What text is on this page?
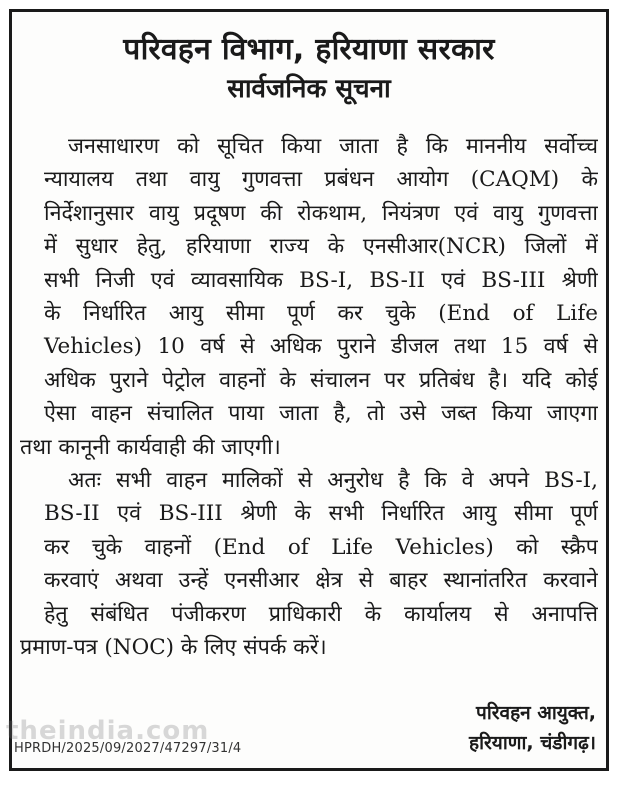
परिवहन विभाग, हरियाणा सरकार
सार्वजनिक सूचना
जनसाधारण को सूचित किया जाता है कि माननीय सर्वोच्च
न्यायालय तथा वायु गुणवत्ता प्रबंधन आयोग (CAQM) के
निर्देशानुसार वायु प्रदूषण की रोकथाम, नियंत्रण एवं वायु गुणवत्ता
में सुधार हेतु, हरियाणा राज्य के एनसीआर(NCR) जिलों में
सभी निजी एवं व्यावसायिक BS-I, BS-II एवं BS-III श्रेणी
के निर्धारित आयु सीमा पूर्ण कर चुके (End of Life
Vehicles) 10 वर्ष से अधिक पुराने डीजल तथा 15 वर्ष से
अधिक पुराने पेट्रोल वाहनों के संचालन पर प्रतिबंध है। यदि कोई
ऐसा वाहन संचालित पाया जाता है, तो उसे जब्त किया जाएगा
तथा कानूनी कार्यवाही की जाएगी।
अतः सभी वाहन मालिकों से अनुरोध है कि वे अपने BS-I,
BS-II एवं BS-III श्रेणी के सभी निर्धारित आयु सीमा पूर्ण
कर चुके वाहनों (End of Life Vehicles) को स्क्रैप
करवाएं अथवा उन्हें एनसीआर क्षेत्र से बाहर स्थानांतरित करवाने
हेतु संबंधित पंजीकरण प्राधिकारी के कार्यालय से अनापत्ति
प्रमाण-पत्र (NOC) के लिए संपर्क करें।
theindia.com
HPRDH/2025/09/2027/47297/31/4
परिवहन आयुक्त,
हरियाणा, चंडीगढ़।
